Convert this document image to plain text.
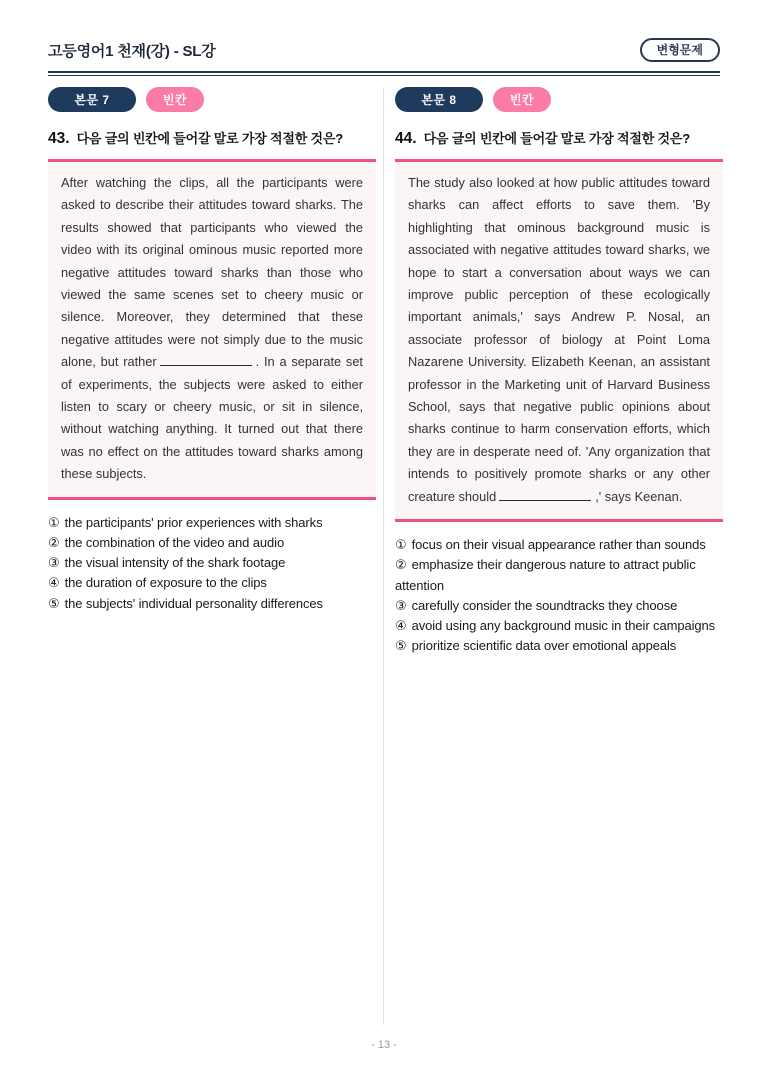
고등영어1 천재(강) - SL강	변형문제
본문 7	빈칸
43. 다음 글의 빈칸에 들어갈 말로 가장 적절한 것은?
After watching the clips, all the participants were asked to describe their attitudes toward sharks. The results showed that participants who viewed the video with its original ominous music reported more negative attitudes toward sharks than those who viewed the same scenes set to cheery music or silence. Moreover, they determined that these negative attitudes were not simply due to the music alone, but rather	. In a separate set of experiments, the subjects were asked to either listen to scary or cheery music, or sit in silence, without watching anything. It turned out that there was no effect on the attitudes toward sharks among these subjects.
① the participants' prior experiences with sharks
② the combination of the video and audio
③ the visual intensity of the shark footage
④ the duration of exposure to the clips
⑤ the subjects' individual personality differences
본문 8	빈칸
44. 다음 글의 빈칸에 들어갈 말로 가장 적절한 것은?
The study also looked at how public attitudes toward sharks can affect efforts to save them. 'By highlighting that ominous background music is associated with negative attitudes toward sharks, we hope to start a conversation about ways we can improve public perception of these ecologically important animals,' says Andrew P. Nosal, an associate professor of biology at Point Loma Nazarene University. Elizabeth Keenan, an assistant professor in the Marketing unit of Harvard Business School, says that negative public opinions about sharks continue to harm conservation efforts, which they are in desperate need of. 'Any organization that intends to positively promote sharks or any other creature should	,' says Keenan.
① focus on their visual appearance rather than sounds
② emphasize their dangerous nature to attract public attention
③ carefully consider the soundtracks they choose
④ avoid using any background music in their campaigns
⑤ prioritize scientific data over emotional appeals
- 13 -
